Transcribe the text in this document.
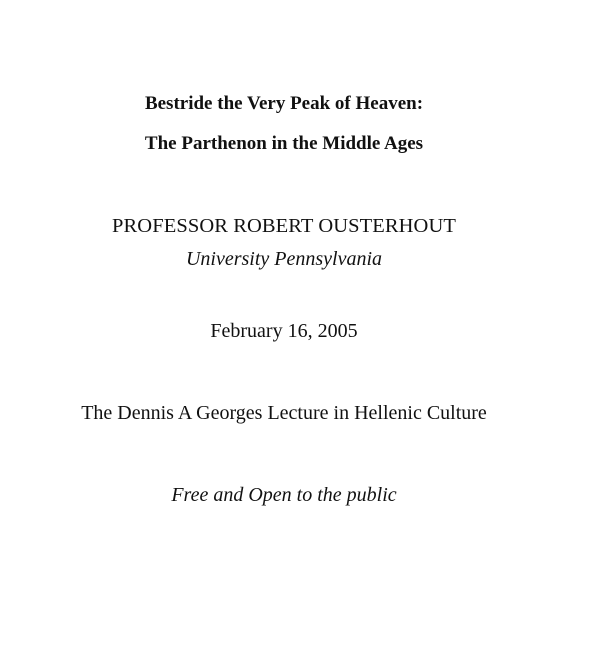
Bestride the Very Peak of Heaven:
The Parthenon in the Middle Ages
PROFESSOR ROBERT OUSTERHOUT
University Pennsylvania
February 16, 2005
The Dennis A Georges Lecture in Hellenic Culture
Free and Open to the public
